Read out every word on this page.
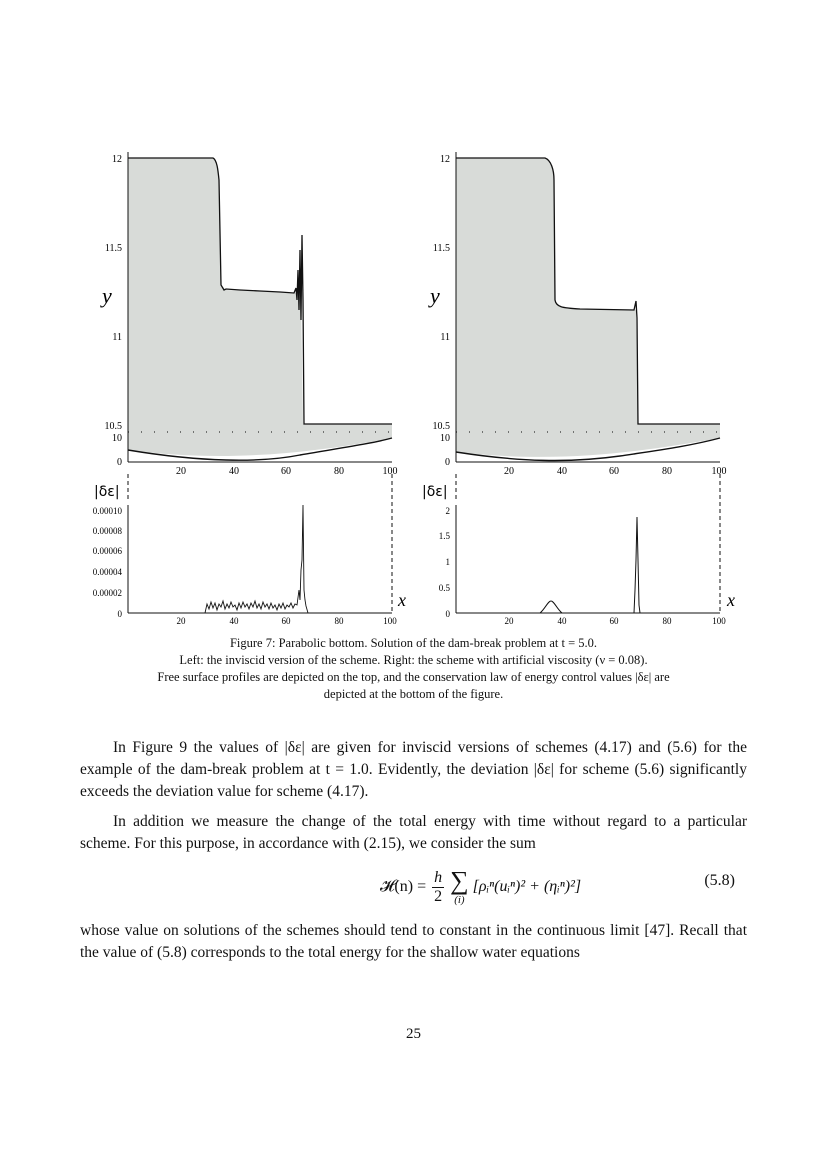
12
11.5
11
10.5
10
0
y
20	40	60	80	100
|δε|
0.00010
0.00008
0.00006
0.00004
0.00002
0
20	40	60	80	100
x
12
11.5
11
10.5
10
0
y
20	40	60	80	100
|δε|
2
1.5
1
0.5
0
20	40	60	80	100
x
Figure 7: Parabolic bottom. Solution of the dam-break problem at t = 5.0.
Left: the inviscid version of the scheme. Right: the scheme with artificial viscosity (ν = 0.08).
Free surface profiles are depicted on the top, and the conservation law of energy control values |δε| are
depicted at the bottom of the figure.

In Figure 9 the values of |δε| are given for inviscid versions of schemes (4.17) and (5.6) for the example of the dam-break problem at t = 1.0. Evidently, the deviation |δε| for scheme (5.6) significantly exceeds the deviation value for scheme (4.17).

In addition we measure the change of the total energy with time without regard to a particular scheme. For this purpose, in accordance with (2.15), we consider the sum

𝓗(n) = $\frac{h}{2}$
∑
(i)
[ρᵢⁿ(uᵢⁿ)² + (ηᵢⁿ)²]	(5.8)

whose value on solutions of the schemes should tend to constant in the continuous limit [47]. Recall that the value of (5.8) corresponds to the total energy for the shallow water equations

25
